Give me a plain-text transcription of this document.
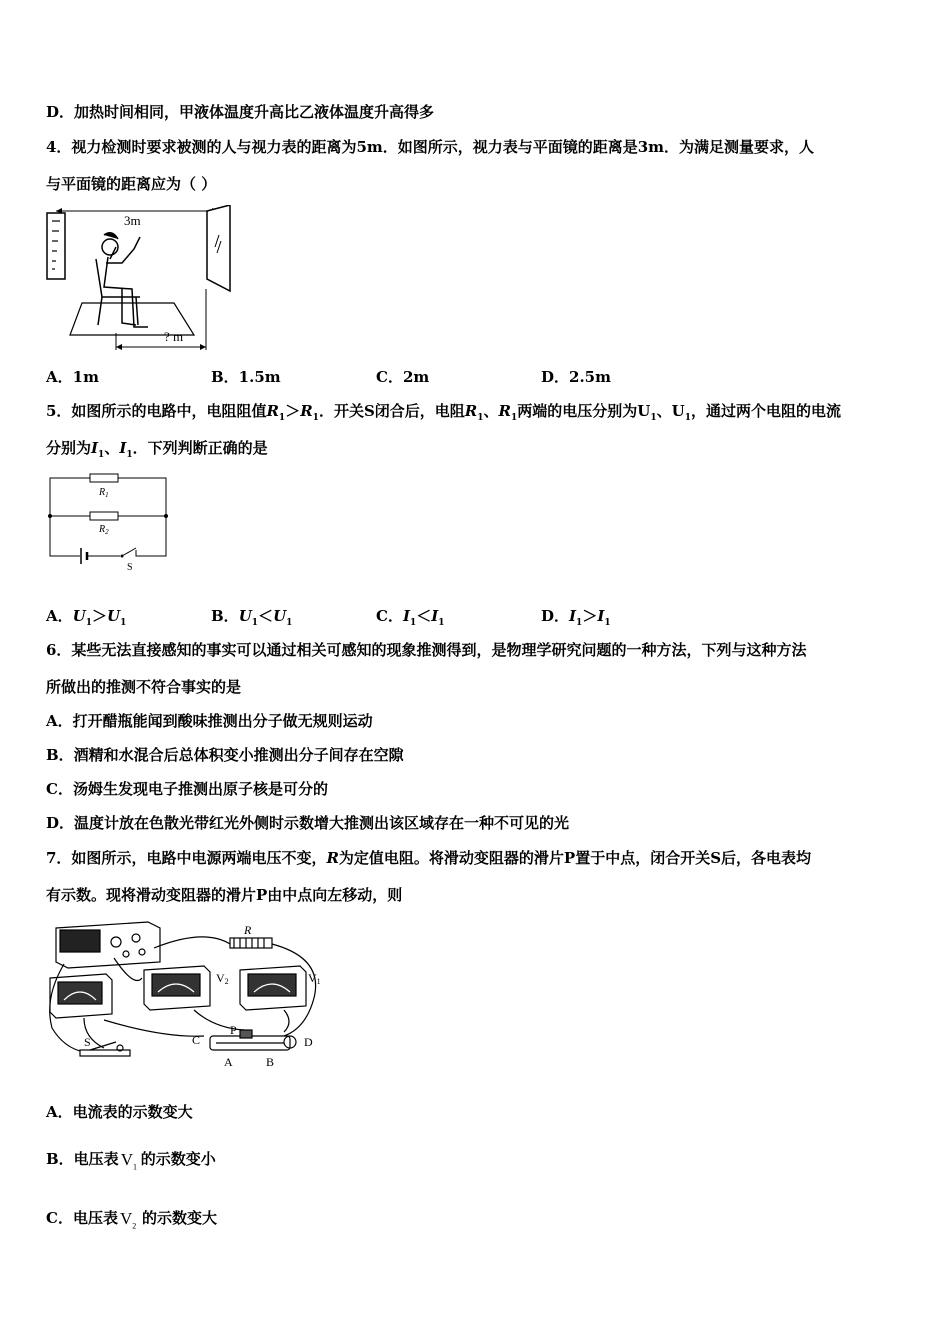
D．加热时间相同，甲液体温度升高比乙液体温度升高得多
4．视力检测时要求被测的人与视力表的距离为5m．如图所示，视力表与平面镜的距离是3m．为满足测量要求，人
与平面镜的距离应为（ ）
3m
? m
A．1m	B．1.5m	C．2m	D．2.5m
5．如图所示的电路中，电阻阻值$R_1>R_1$．开关S闭合后，电阻$R_1$、$R_1$两端的电压分别为$U_1$、$U_1$，通过两个电阻的电流
分别为$I_1$、$I_1$．下列判断正确的是
$R_1$
$R_2$
S
A．$U_1>U_1$	B．$U_1<U_1$	C．$I_1<I_1$	D．$I_1>I_1$
6．某些无法直接感知的事实可以通过相关可感知的现象推测得到，是物理学研究问题的一种方法，下列与这种方法
所做出的推测不符合事实的是
A．打开醋瓶能闻到酸味推测出分子做无规则运动
B．酒精和水混合后总体积变小推测出分子间存在空隙
C．汤姆生发现电子推测出原子核是可分的
D．温度计放在色散光带红光外侧时示数增大推测出该区域存在一种不可见的光
7．如图所示，电路中电源两端电压不变，R为定值电阻。将滑动变阻器的滑片P置于中点，闭合开关S后，各电表均
有示数。现将滑动变阻器的滑片P由中点向左移动，则
R
V2	V1
S
P
C	D
A	B
A．电流表的示数变大
B．电压表 $V_1$ 的示数变小
C．电压表 $V_2$ 的示数变大
